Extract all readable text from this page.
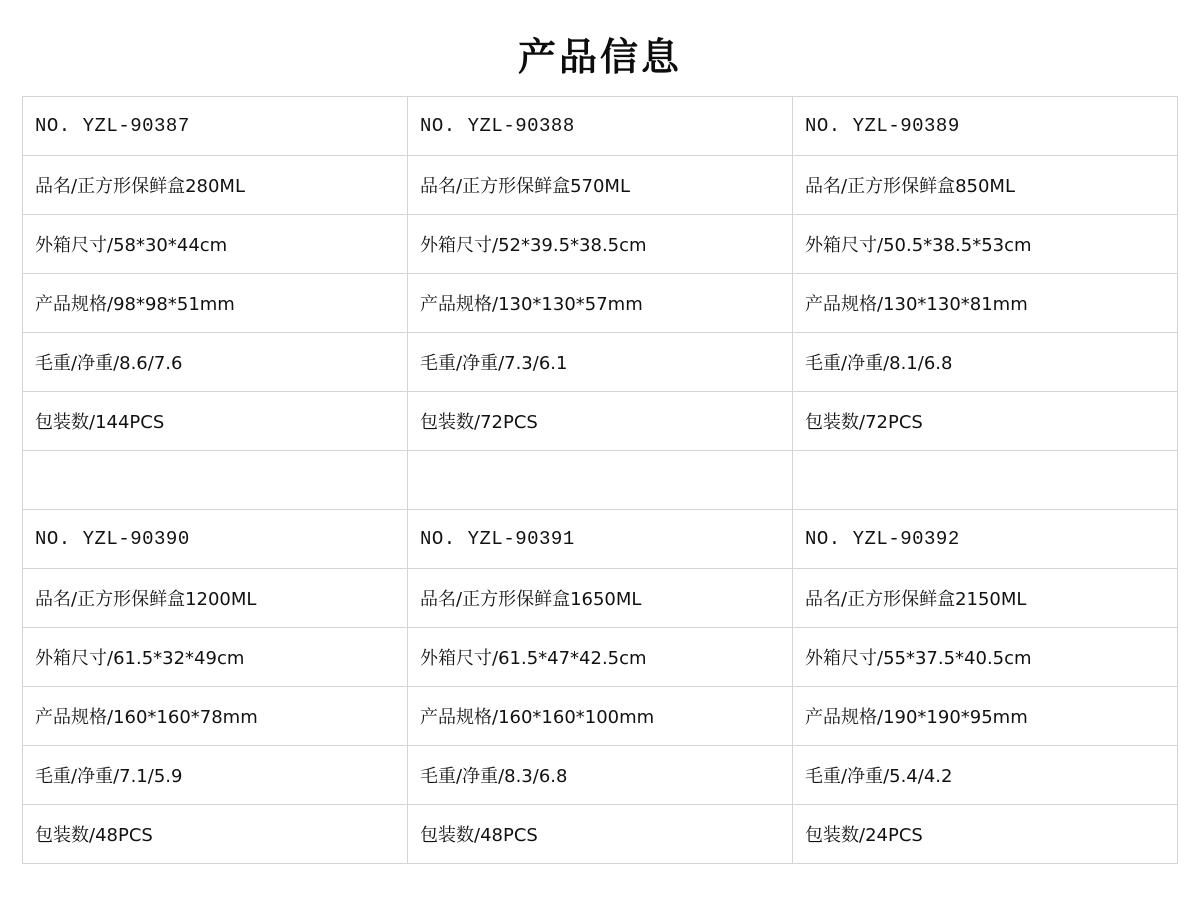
产品信息
NO. YZL-90387	NO. YZL-90388	NO. YZL-90389
品名/正方形保鲜盒280ML	品名/正方形保鲜盒570ML	品名/正方形保鲜盒850ML
外箱尺寸/58*30*44cm	外箱尺寸/52*39.5*38.5cm	外箱尺寸/50.5*38.5*53cm
产品规格/98*98*51mm	产品规格/130*130*57mm	产品规格/130*130*81mm
毛重/净重/8.6/7.6	毛重/净重/7.3/6.1	毛重/净重/8.1/6.8
包装数/144PCS	包装数/72PCS	包装数/72PCS

NO. YZL-90390	NO. YZL-90391	NO. YZL-90392
品名/正方形保鲜盒1200ML	品名/正方形保鲜盒1650ML	品名/正方形保鲜盒2150ML
外箱尺寸/61.5*32*49cm	外箱尺寸/61.5*47*42.5cm	外箱尺寸/55*37.5*40.5cm
产品规格/160*160*78mm	产品规格/160*160*100mm	产品规格/190*190*95mm
毛重/净重/7.1/5.9	毛重/净重/8.3/6.8	毛重/净重/5.4/4.2
包装数/48PCS	包装数/48PCS	包装数/24PCS
